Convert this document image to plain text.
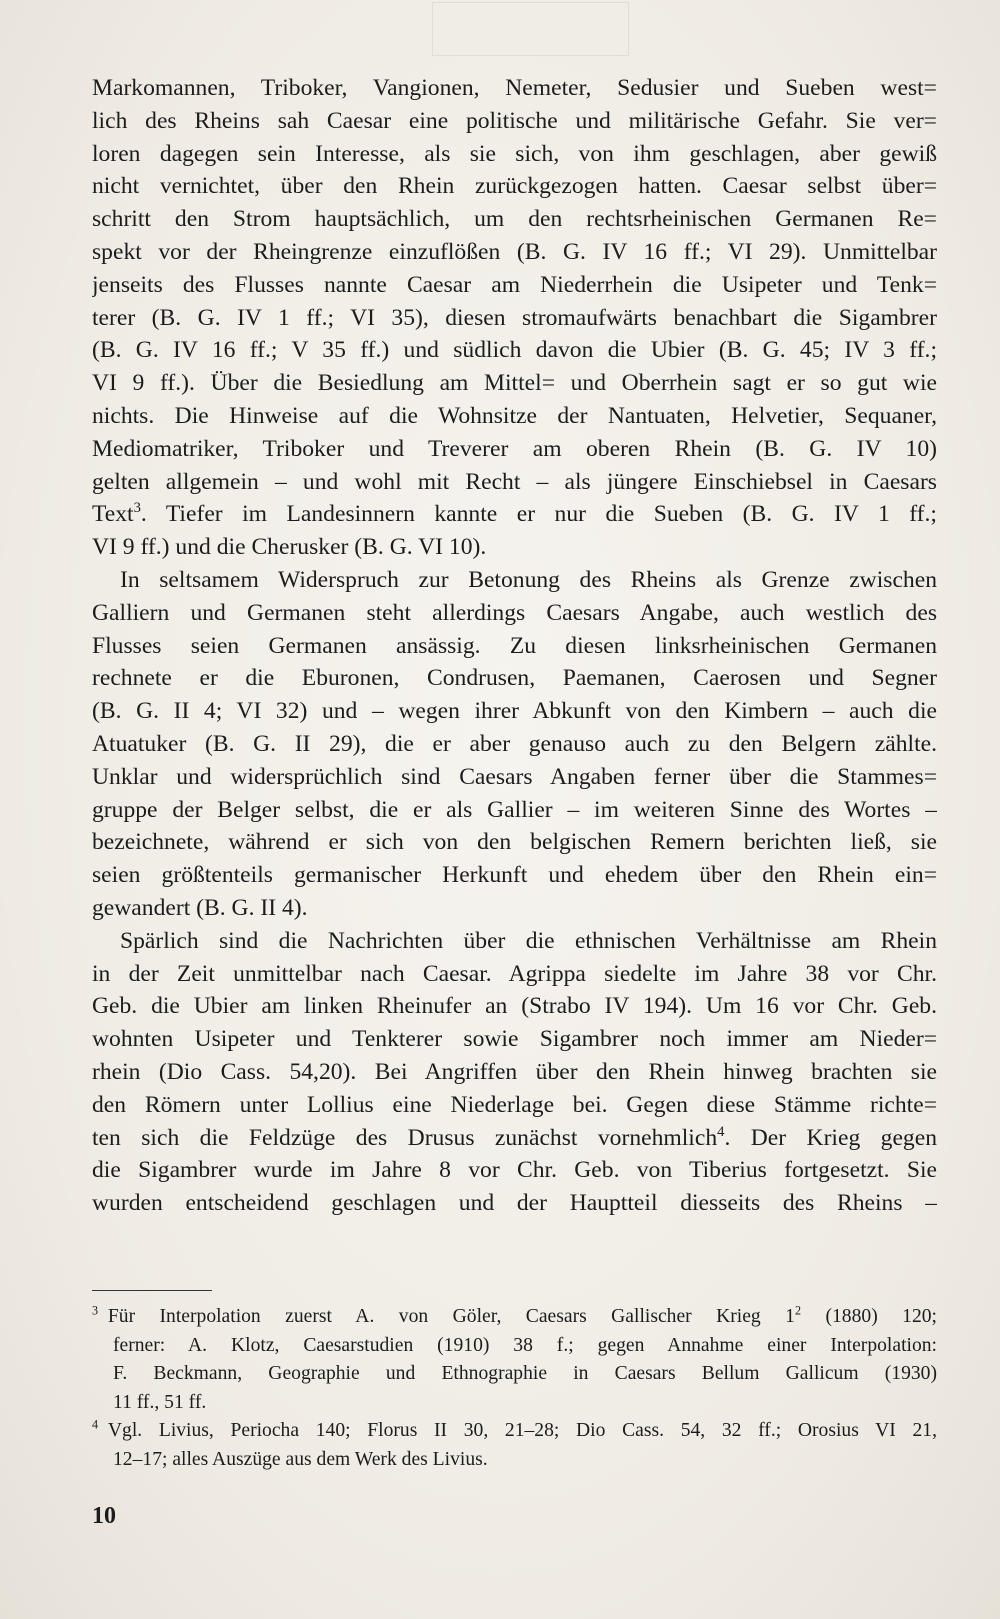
Markomannen, Triboker, Vangionen, Nemeter, Sedusier und Sueben west=
lich des Rheins sah Caesar eine politische und militärische Gefahr. Sie ver=
loren dagegen sein Interesse, als sie sich, von ihm geschlagen, aber gewiß
nicht vernichtet, über den Rhein zurückgezogen hatten. Caesar selbst über=
schritt den Strom hauptsächlich, um den rechtsrheinischen Germanen Re=
spekt vor der Rheingrenze einzuflößen (B. G. IV 16 ff.; VI 29). Unmittelbar
jenseits des Flusses nannte Caesar am Niederrhein die Usipeter und Tenk=
terer (B. G. IV 1 ff.; VI 35), diesen stromaufwärts benachbart die Sigambrer
(B. G. IV 16 ff.; V 35 ff.) und südlich davon die Ubier (B. G. 45; IV 3 ff.;
VI 9 ff.). Über die Besiedlung am Mittel= und Oberrhein sagt er so gut wie
nichts. Die Hinweise auf die Wohnsitze der Nantuaten, Helvetier, Sequaner,
Mediomatriker, Triboker und Treverer am oberen Rhein (B. G. IV 10)
gelten allgemein – und wohl mit Recht – als jüngere Einschiebsel in Caesars
Text$^3$. Tiefer im Landesinnern kannte er nur die Sueben (B. G. IV 1 ff.;
VI 9 ff.) und die Cherusker (B. G. VI 10).
In seltsamem Widerspruch zur Betonung des Rheins als Grenze zwischen
Galliern und Germanen steht allerdings Caesars Angabe, auch westlich des
Flusses seien Germanen ansässig. Zu diesen linksrheinischen Germanen
rechnete er die Eburonen, Condrusen, Paemanen, Caerosen und Segner
(B. G. II 4; VI 32) und – wegen ihrer Abkunft von den Kimbern – auch die
Atuatuker (B. G. II 29), die er aber genauso auch zu den Belgern zählte.
Unklar und widersprüchlich sind Caesars Angaben ferner über die Stammes=
gruppe der Belger selbst, die er als Gallier – im weiteren Sinne des Wortes –
bezeichnete, während er sich von den belgischen Remern berichten ließ, sie
seien größtenteils germanischer Herkunft und ehedem über den Rhein ein=
gewandert (B. G. II 4).
Spärlich sind die Nachrichten über die ethnischen Verhältnisse am Rhein
in der Zeit unmittelbar nach Caesar. Agrippa siedelte im Jahre 38 vor Chr.
Geb. die Ubier am linken Rheinufer an (Strabo IV 194). Um 16 vor Chr. Geb.
wohnten Usipeter und Tenkterer sowie Sigambrer noch immer am Nieder=
rhein (Dio Cass. 54,20). Bei Angriffen über den Rhein hinweg brachten sie
den Römern unter Lollius eine Niederlage bei. Gegen diese Stämme richte=
ten sich die Feldzüge des Drusus zunächst vornehmlich$^4$. Der Krieg gegen
die Sigambrer wurde im Jahre 8 vor Chr. Geb. von Tiberius fortgesetzt. Sie
wurden entscheidend geschlagen und der Hauptteil diesseits des Rheins –
$^3$  Für Interpolation zuerst A. von Göler, Caesars Gallischer Krieg $1^2$ (1880) 120;
ferner: A. Klotz, Caesarstudien (1910) 38 f.; gegen Annahme einer Interpolation:
F. Beckmann, Geographie und Ethnographie in Caesars Bellum Gallicum (1930)
11 ff., 51 ff.
$^4$  Vgl. Livius, Periocha 140; Florus II 30, 21–28; Dio Cass. 54, 32 ff.; Orosius VI 21,
12–17; alles Auszüge aus dem Werk des Livius.
10
